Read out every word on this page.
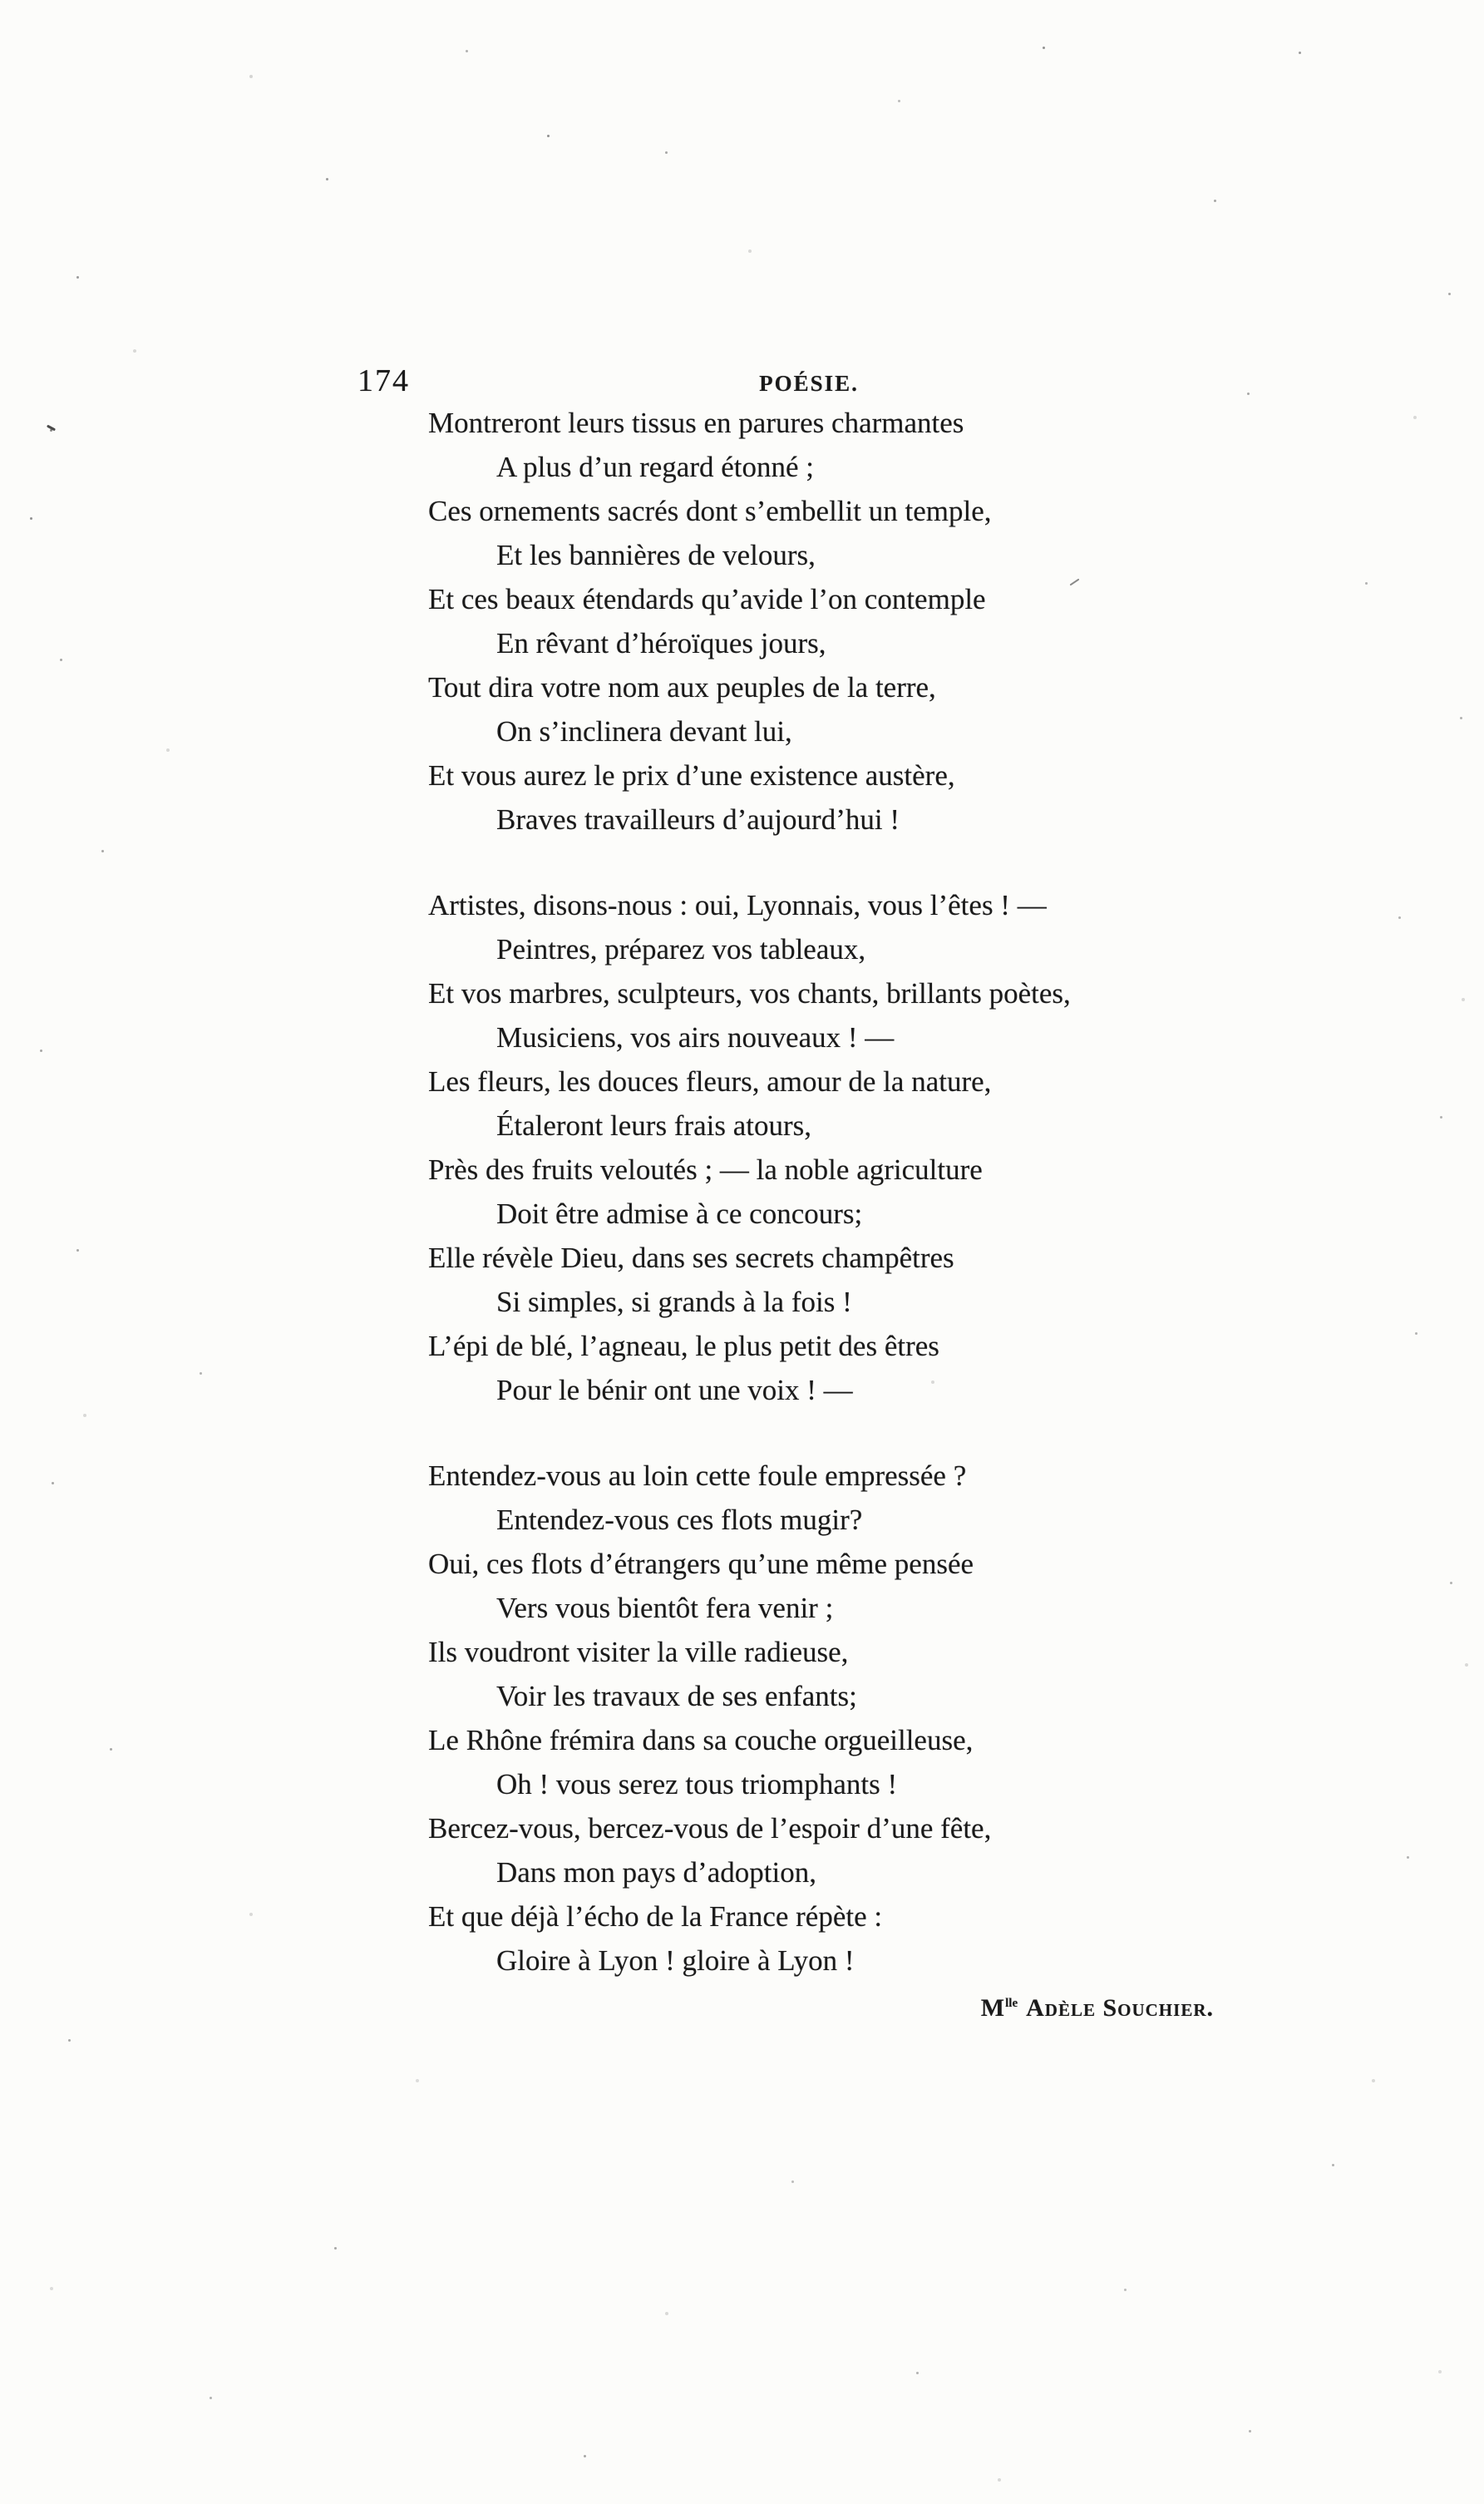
174	POÉSIE.
Montreront leurs tissus en parures charmantes
A plus d’un regard étonné ;
Ces ornements sacrés dont s’embellit un temple,
Et les bannières de velours,
Et ces beaux étendards qu’avide l’on contemple
En rêvant d’héroïques jours,
Tout dira votre nom aux peuples de la terre,
On s’inclinera devant lui,
Et vous aurez le prix d’une existence austère,
Braves travailleurs d’aujourd’hui !
Artistes, disons-nous : oui, Lyonnais, vous l’êtes ! —
Peintres, préparez vos tableaux,
Et vos marbres, sculpteurs, vos chants, brillants poètes,
Musiciens, vos airs nouveaux ! —
Les fleurs, les douces fleurs, amour de la nature,
Étaleront leurs frais atours,
Près des fruits veloutés ; — la noble agriculture
Doit être admise à ce concours;
Elle révèle Dieu, dans ses secrets champêtres
Si simples, si grands à la fois !
L’épi de blé, l’agneau, le plus petit des êtres
Pour le bénir ont une voix ! —
Entendez-vous au loin cette foule empressée ?
Entendez-vous ces flots mugir?
Oui, ces flots d’étrangers qu’une même pensée
Vers vous bientôt fera venir ;
Ils voudront visiter la ville radieuse,
Voir les travaux de ses enfants;
Le Rhône frémira dans sa couche orgueilleuse,
Oh ! vous serez tous triomphants !
Bercez-vous, bercez-vous de l’espoir d’une fête,
Dans mon pays d’adoption,
Et que déjà l’écho de la France répète :
Gloire à Lyon ! gloire à Lyon !
$M^{lle}$ Adèle Souchier.
